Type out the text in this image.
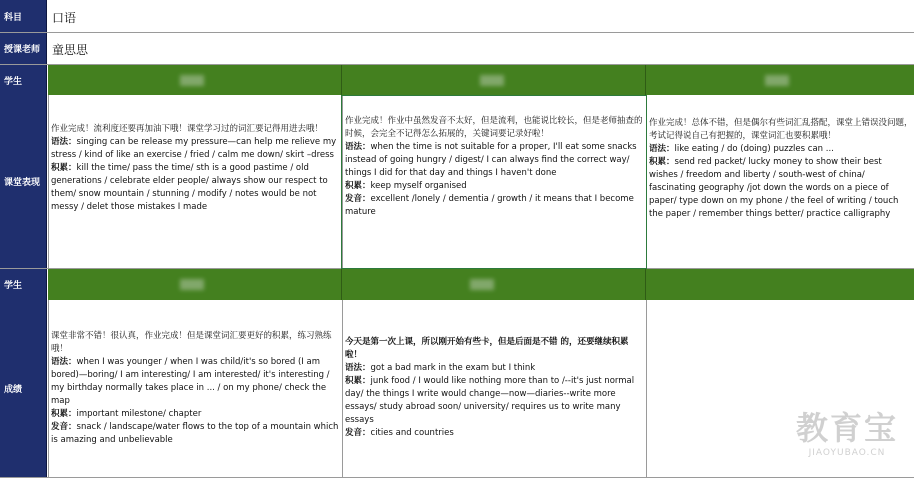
科目	口语
授课老师 童思思
学生
课堂表现
作业完成！流利度还要再加油下哦！课堂学习过的词汇要记得用进去哦！
语法：singing can be release my pressure—can help me relieve my stress / kind of like an exercise / fried / calm me down/ skirt –dress
积累：kill the time/ pass the time/ sth is a good pastime / old generations / celebrate elder people/ always show our respect to them/ snow mountain / stunning / modify / notes would be not messy / delet those mistakes I made
作业完成！作业中虽然发音不太好，但是流利，也能说比较长，但是老师抽查的时候，会完全不记得怎么拓展的，关键词要记录好啦！
语法：when the time is not suitable for a proper, I'll eat some snacks instead of going hungry / digest/ I can always find the correct way/ things I did for that day and things I haven't done
积累：keep myself organised
发音：excellent /lonely / dementia / growth / it means that I become mature
作业完成！总体不错，但是偶尔有些词汇乱搭配，课堂上错误没问题，考试记得说自己有把握的，课堂词汇也要积累哦！
语法：like eating / do (doing) puzzles can ...
积累：send red packet/ lucky money to show their best wishes / freedom and liberty / south-west of china/ fascinating geography /jot down the words on a piece of paper/ type down on my phone / the feel of writing / touch the paper / remember things better/ practice calligraphy
学生
成绩
课堂非常不错！很认真，作业完成！但是课堂词汇要更好的积累，练习熟练哦！
语法：when I was younger / when I was child/it's so bored (I am bored)—boring/ I am interesting/ I am interested/ it's interesting / my birthday normally takes place in ... / on my phone/ check the map
积累：important milestone/ chapter
发音：snack / landscape/water flows to the top of a mountain which is amazing and unbelievable
今天是第一次上课，所以刚开始有些卡，但是后面是不错 的，还要继续积累啦！
语法：got a bad mark in the exam but I think
积累：junk food / I would like nothing more than to /--it's just normal day/ the things I write would change—now—diaries--write more essays/ study abroad soon/ university/ requires us to write many essays
发音：cities and countries	教育宝
JIAOYUBAO.CN
